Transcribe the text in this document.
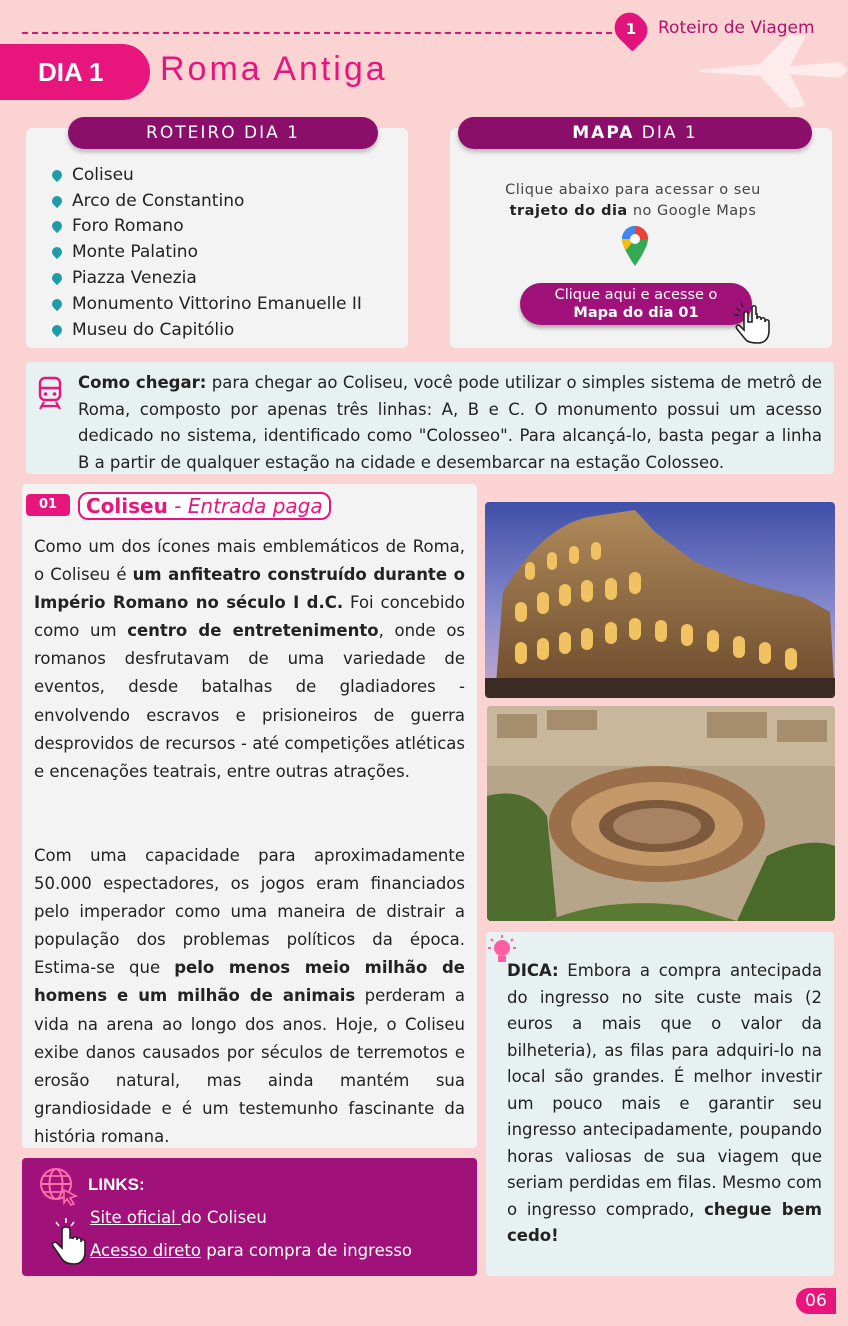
1	Roteiro de Viagem
DIA 1	Roma Antiga
ROTEIRO DIA 1
Coliseu
Arco de Constantino
Foro Romano
Monte Palatino
Piazza Venezia
Monumento Vittorino Emanuelle II
Museu do Capitólio
MAPA DIA 1
Clique abaixo para acessar o seu
trajeto do dia no Google Maps
Clique aqui e acesse o
Mapa do dia 01
Como chegar: para chegar ao Coliseu, você pode utilizar o simples sistema de metrô de Roma, composto por apenas três linhas: A, B e C. O monumento possui um acesso dedicado no sistema, identificado como "Colosseo". Para alcançá-lo, basta pegar a linha B a partir de qualquer estação na cidade e desembarcar na estação Colosseo.
01	Coliseu - Entrada paga
Como um dos ícones mais emblemáticos de Roma, o Coliseu é um anfiteatro construído durante o Império Romano no século I d.C. Foi concebido como um centro de entretenimento, onde os romanos desfrutavam de uma variedade de eventos, desde batalhas de gladiadores - envolvendo escravos e prisioneiros de guerra desprovidos de recursos - até competições atléticas e encenações teatrais, entre outras atrações.
Com uma capacidade para aproximadamente 50.000 espectadores, os jogos eram financiados pelo imperador como uma maneira de distrair a população dos problemas políticos da época. Estima-se que pelo menos meio milhão de homens e um milhão de animais perderam a vida na arena ao longo dos anos. Hoje, o Coliseu exibe danos causados por séculos de terremotos e erosão natural, mas ainda mantém sua grandiosidade e é um testemunho fascinante da história romana.
LINKS:
Site oficial do Coliseu
Acesso direto para compra de ingresso
DICA: Embora a compra antecipada do ingresso no site custe mais (2 euros a mais que o valor da bilheteria), as filas para adquiri-lo na local são grandes. É melhor investir um pouco mais e garantir seu ingresso antecipadamente, poupando horas valiosas de sua viagem que seriam perdidas em filas. Mesmo com o ingresso comprado, chegue bem cedo!
06
